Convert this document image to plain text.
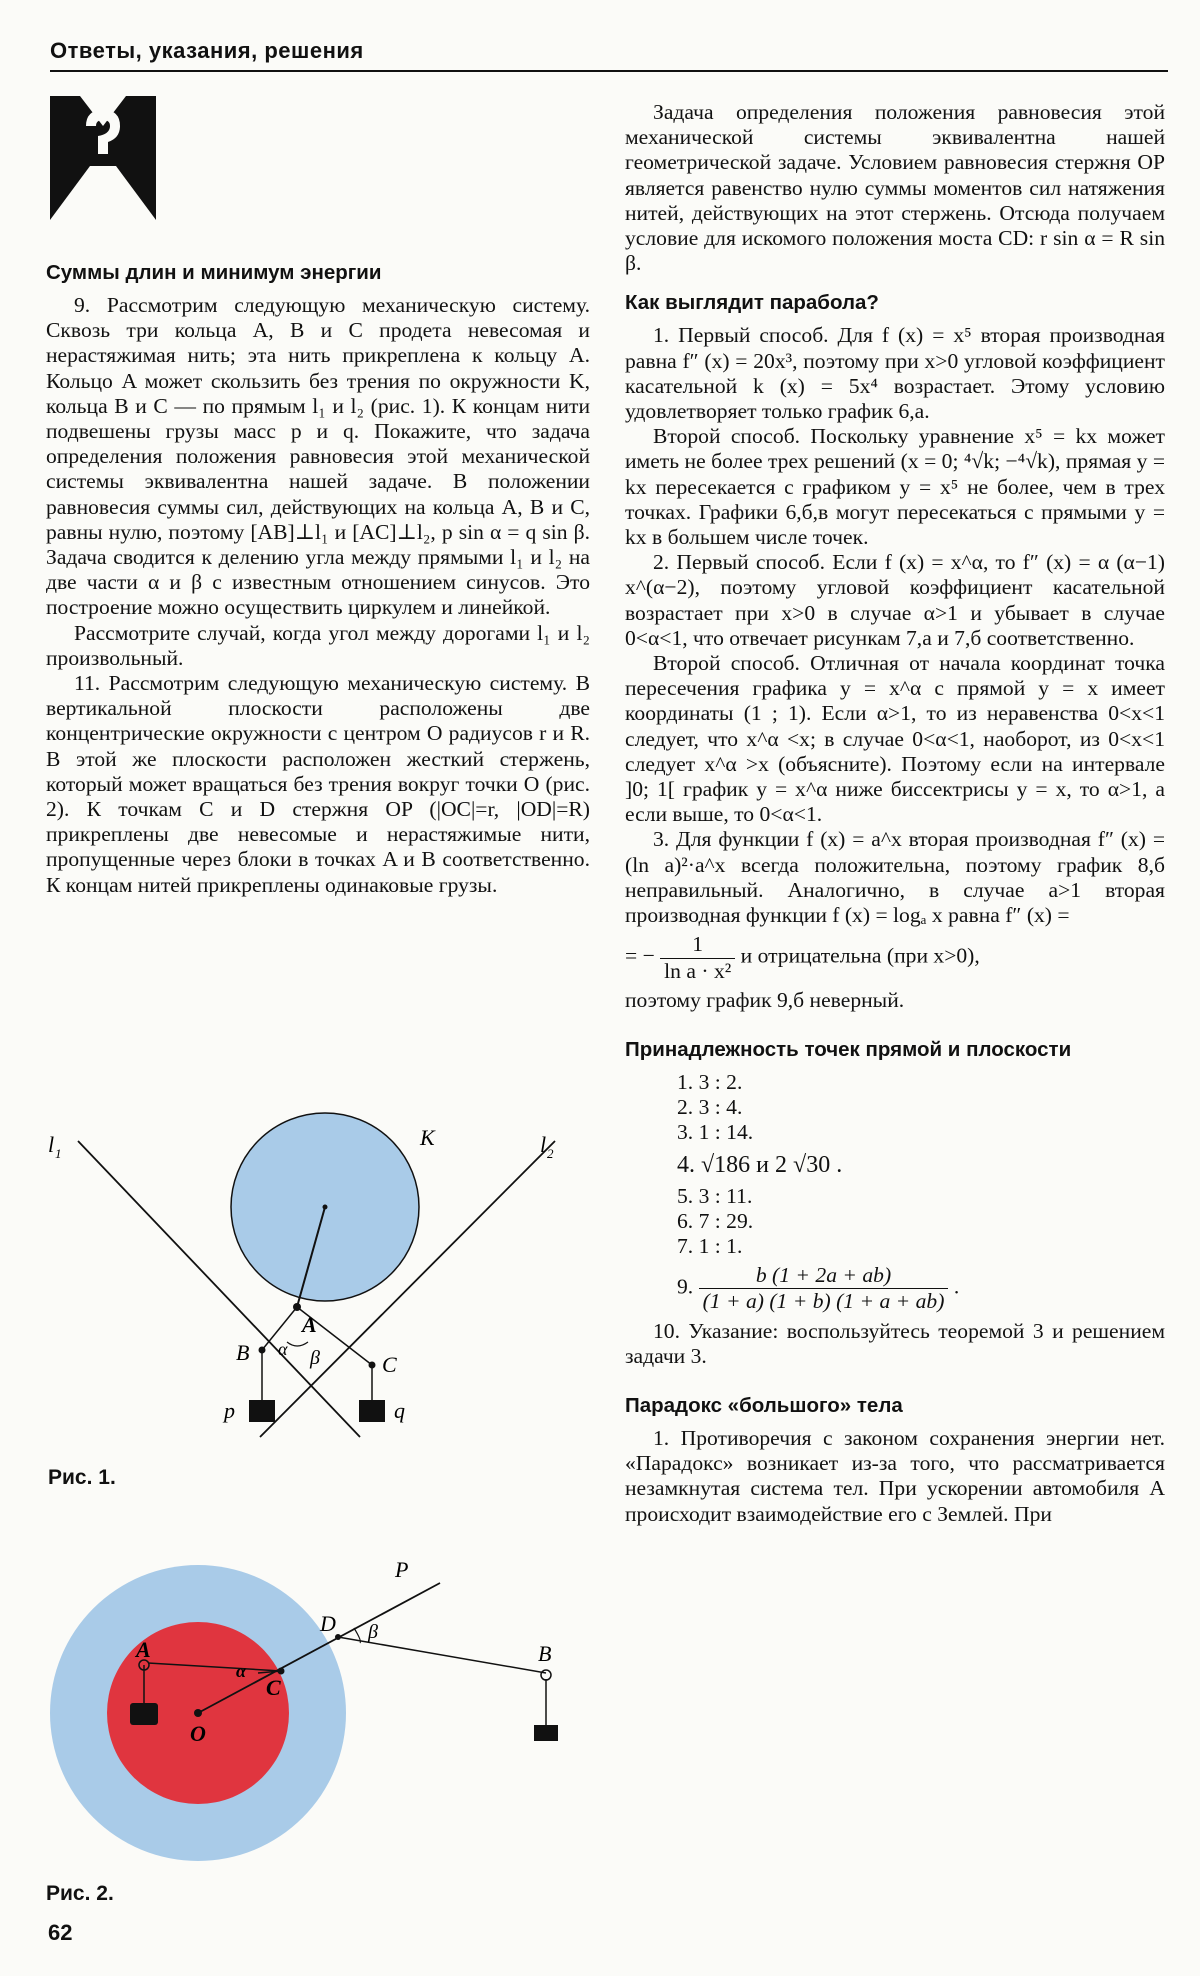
Ответы, указания, решения
Суммы длин и минимум энергии

9. Рассмотрим следующую механическую систему. Сквозь три кольца A, B и C продета невесомая и нерастяжимая нить; эта нить прикреплена к кольцу A. Кольцо A может скользить без трения по окружности K, кольца B и C — по прямым l₁ и l₂ (рис. 1). К концам нити подвешены грузы масс p и q. Покажите, что задача определения положения равновесия этой механической системы эквивалентна нашей задаче. В положении равновесия суммы сил, действующих на кольца A, B и C, равны нулю, поэтому [AB]⊥l₁ и [AC]⊥l₂, p sin α = q sin β. Задача сводится к делению угла между прямыми l₁ и l₂ на две части α и β с известным отношением синусов. Это построение можно осуществить циркулем и линейкой.

Рассмотрите случай, когда угол между дорогами l₁ и l₂ произвольный.

11. Рассмотрим следующую механическую систему. В вертикальной плоскости расположены две концентрические окружности с центром O радиусов r и R. В этой же плоскости расположен жесткий стержень, который может вращаться без трения вокруг точки O (рис. 2). К точкам C и D стержня OP (|OC|=r, |OD|=R) прикреплены две невесомые и нерастяжимые нити, пропущенные через блоки в точках A и B соответственно. К концам нитей прикреплены одинаковые грузы.

K
l 1	l 2
A
B	C
α β
p	q
Рис. 1.
P
D β
B
A
C
α
O
Рис. 2.

Задача определения положения равновесия этой механической системы эквивалентна нашей геометрической задаче. Условием равновесия стержня OP является равенство нулю суммы моментов сил натяжения нитей, действующих на этот стержень. Отсюда получаем условие для искомого положения моста CD: r sin α = R sin β.

Как выглядит парабола?

1. Первый способ. Для f (x) = x⁵ вторая производная равна f″ (x) = 20x³, поэтому при x>0 угловой коэффициент касательной k (x) = 5x⁴ возрастает. Этому условию удовлетворяет только график 6,a.

Второй способ. Поскольку уравнение x⁵ = kx может иметь не более трех решений (x = 0; ⁴√k; −⁴√k), прямая y = kx пересекается с графиком y = x⁵ не более, чем в трех точках. Графики 6,б,в могут пересекаться с прямыми y = kx в большем числе точек.

2. Первый способ. Если f (x) = x^α, то f″ (x) = α (α−1) x^(α−2), поэтому угловой коэффициент касательной возрастает при x>0 в случае α>1 и убывает в случае 0<α<1, что отвечает рисункам 7,a и 7,б соответственно.

Второй способ. Отличная от начала координат точка пересечения графика y = x^α с прямой y = x имеет координаты (1 ; 1). Если α>1, то из неравенства 0<x<1 следует, что x^α <x; в случае 0<α<1, наоборот, из 0<x<1 следует x^α >x (объясните). Поэтому если на интервале ]0; 1[ график y = x^α ниже биссектрисы y = x, то α>1, а если выше, то 0<α<1.

3. Для функции f (x) = a^x вторая производная f″ (x) = (ln a)²·a^x всегда положительна, поэтому график 8,б неправильный. Аналогично, в случае a>1 вторая производная функции f (x) = logₐ x равна f″ (x) =

= − $\frac{1}{\text{ln a · x²}}$ и отрицательна (при x>0),

поэтому график 9,б неверный.

Принадлежность точек прямой и плоскости
1. 3 : 2.
2. 3 : 4.
3. 1 : 14.
4. √186 и 2 √30 .
5. 3 : 11.
6. 7 : 29.
7. 1 : 1.
9. $\frac{b (1 + 2a + ab)}{(1 + a) (1 + b) (1 + a + ab)}$ .

10. Указание: воспользуйтесь теоремой 3 и решением задачи 3.

Парадокс «большого» тела

1. Противоречия с законом сохранения энергии нет. «Парадокс» возникает из-за того, что рассматривается незамкнутая система тел. При ускорении автомобиля A происходит взаимодействие его с Землей. При

62
